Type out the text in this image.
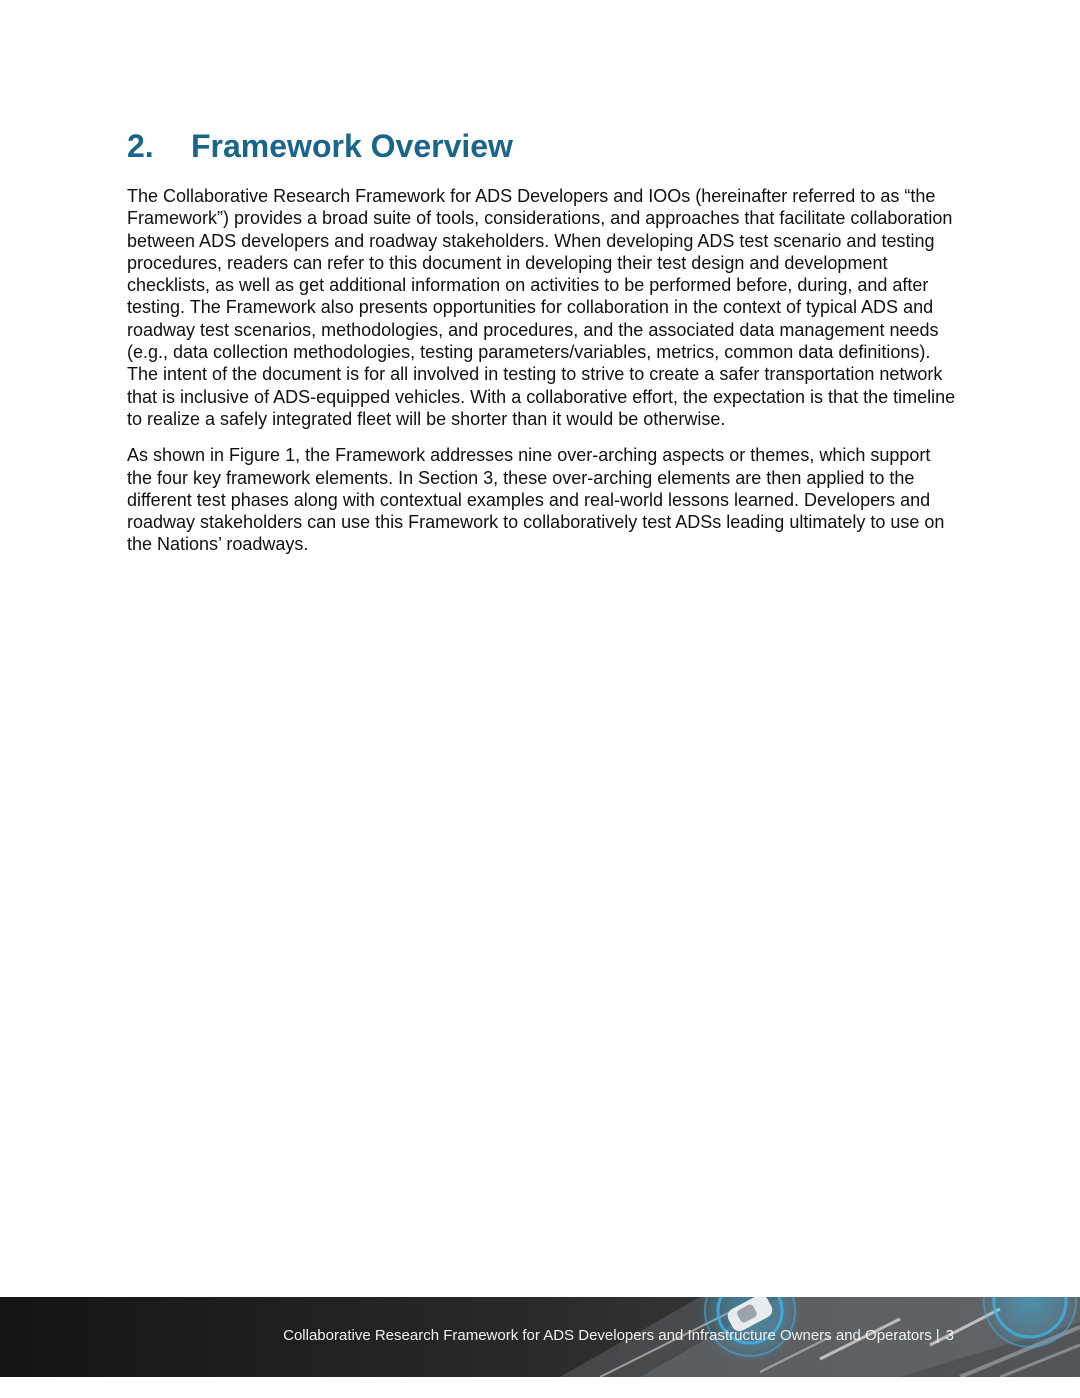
2. Framework Overview

The Collaborative Research Framework for ADS Developers and IOOs (hereinafter referred to as “the Framework”) provides a broad suite of tools, considerations, and approaches that facilitate collaboration between ADS developers and roadway stakeholders. When developing ADS test scenario and testing procedures, readers can refer to this document in developing their test design and development checklists, as well as get additional information on activities to be performed before, during, and after testing. The Framework also presents opportunities for collaboration in the context of typical ADS and roadway test scenarios, methodologies, and procedures, and the associated data management needs (e.g., data collection methodologies, testing parameters/variables, metrics, common data definitions). The intent of the document is for all involved in testing to strive to create a safer transportation network that is inclusive of ADS-equipped vehicles. With a collaborative effort, the expectation is that the timeline to realize a safely integrated fleet will be shorter than it would be otherwise.

As shown in Figure 1, the Framework addresses nine over-arching aspects or themes, which support the four key framework elements. In Section 3, these over-arching elements are then applied to the different test phases along with contextual examples and real-world lessons learned. Developers and roadway stakeholders can use this Framework to collaboratively test ADSs leading ultimately to use on the Nations’ roadways.

Collaborative Research Framework for ADS Developers and Infrastructure Owners and Operators | 3
